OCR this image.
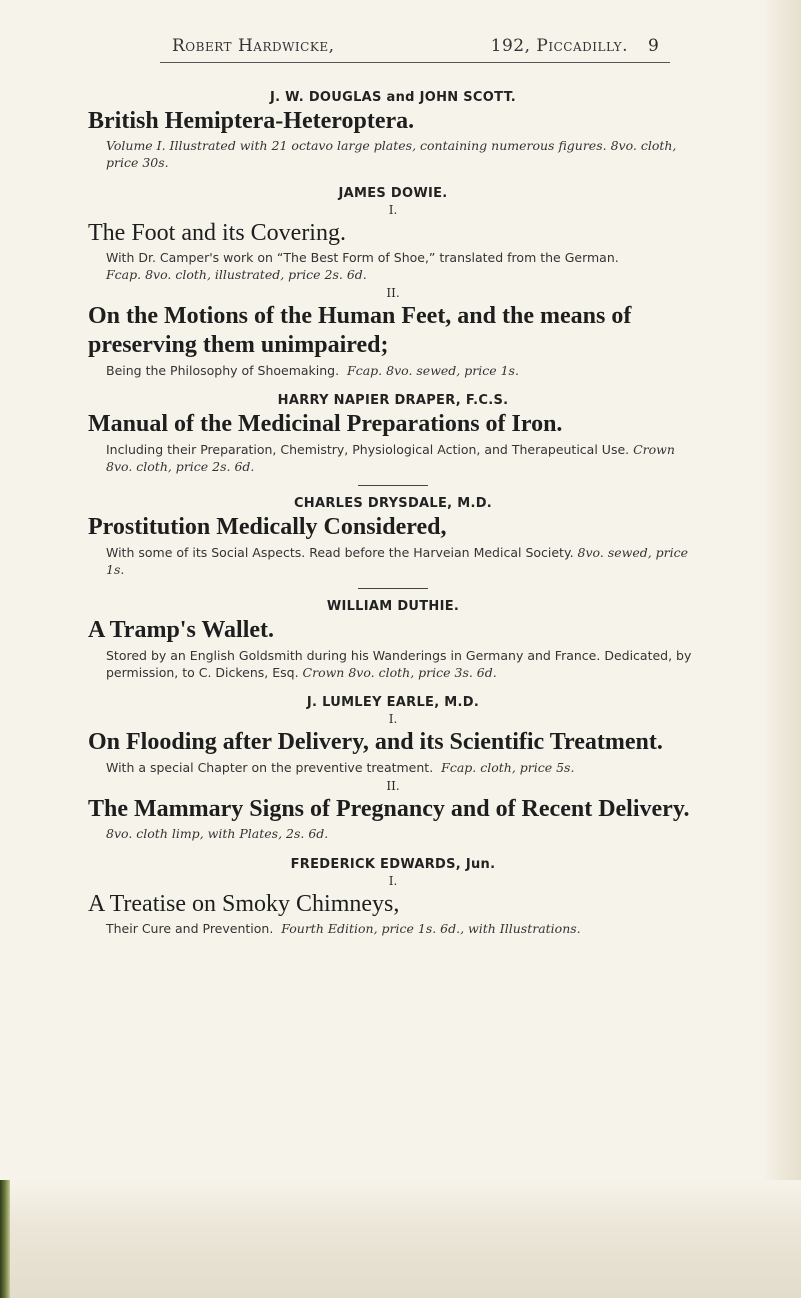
Robert Hardwicke,	192, Piccadilly. 9

J. W. DOUGLAS and JOHN SCOTT.

British Hemiptera-Heteroptera.

Volume I. Illustrated with 21 octavo large plates, containing numerous figures. 8vo. cloth, price 30s.

JAMES DOWIE.

I.

The Foot and its Covering.

With Dr. Camper's work on “The Best Form of Shoe,” translated from the German.
Fcap. 8vo. cloth, illustrated, price 2s. 6d.

II.

On the Motions of the Human Feet, and the means of preserving them unimpaired;

Being the Philosophy of Shoemaking. Fcap. 8vo. sewed, price 1s.

HARRY NAPIER DRAPER, F.C.S.

Manual of the Medicinal Preparations of Iron.

Including their Preparation, Chemistry, Physiological Action, and Therapeutical Use. Crown 8vo. cloth, price 2s. 6d.

CHARLES DRYSDALE, M.D.

Prostitution Medically Considered,

With some of its Social Aspects. Read before the Harveian Medical Society. 8vo. sewed, price 1s.

WILLIAM DUTHIE.

A Tramp's Wallet.

Stored by an English Goldsmith during his Wanderings in Germany and France. Dedicated, by permission, to C. Dickens, Esq. Crown 8vo. cloth, price 3s. 6d.

J. LUMLEY EARLE, M.D.

I.

On Flooding after Delivery, and its Scientific Treatment.

With a special Chapter on the preventive treatment. Fcap. cloth, price 5s.

II.

The Mammary Signs of Pregnancy and of Recent Delivery.

8vo. cloth limp, with Plates, 2s. 6d.

FREDERICK EDWARDS, Jun.

I.

A Treatise on Smoky Chimneys,

Their Cure and Prevention. Fourth Edition, price 1s. 6d., with Illustrations.
